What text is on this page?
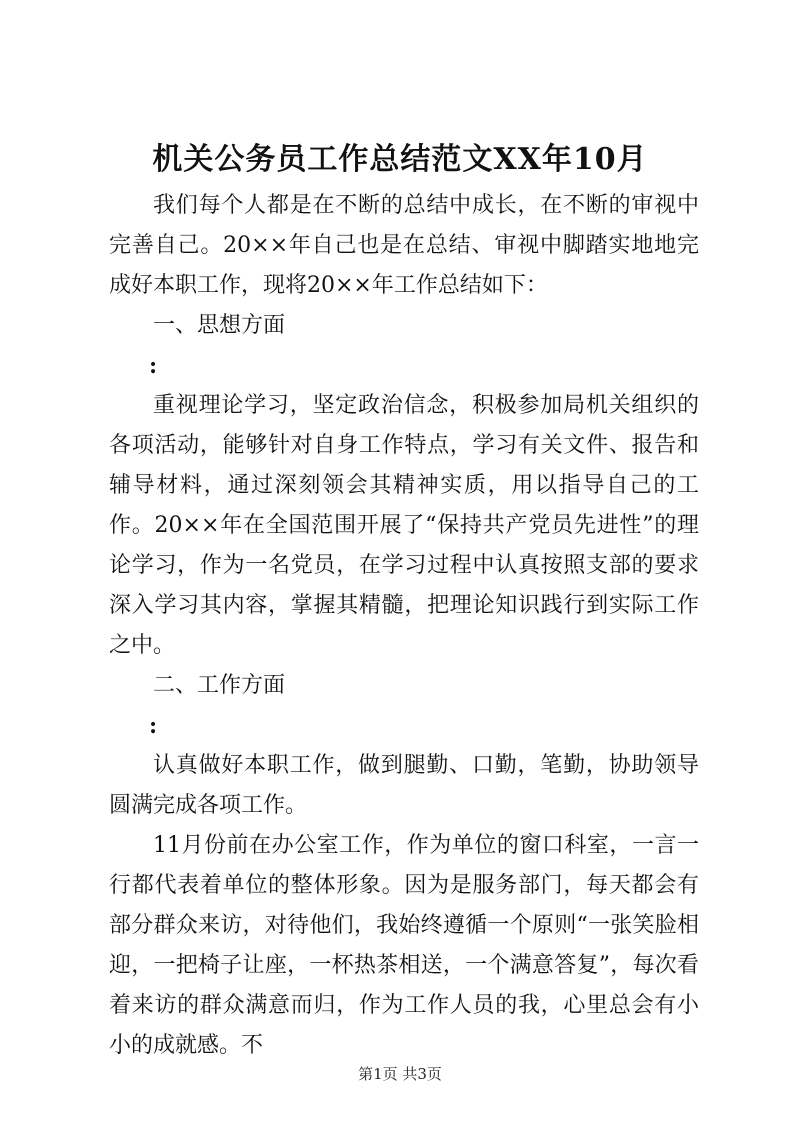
机关公务员工作总结范文XX年10月

我们每个人都是在不断的总结中成长，在不断的审视中完善自己。20××年自己也是在总结、审视中脚踏实地地完成好本职工作，现将20××年工作总结如下：

一、思想方面

:

重视理论学习，坚定政治信念，积极参加局机关组织的各项活动，能够针对自身工作特点，学习有关文件、报告和辅导材料，通过深刻领会其精神实质，用以指导自己的工作。20××年在全国范围开展了“保持共产党员先进性”的理论学习，作为一名党员，在学习过程中认真按照支部的要求深入学习其内容，掌握其精髓，把理论知识践行到实际工作之中。

二、工作方面

:

认真做好本职工作，做到腿勤、口勤，笔勤，协助领导圆满完成各项工作。

11月份前在办公室工作，作为单位的窗口科室，一言一行都代表着单位的整体形象。因为是服务部门，每天都会有部分群众来访，对待他们，我始终遵循一个原则“一张笑脸相迎，一把椅子让座，一杯热茶相送，一个满意答复”，每次看着来访的群众满意而归，作为工作人员的我，心里总会有小小的成就感。不

第1页 共3页
